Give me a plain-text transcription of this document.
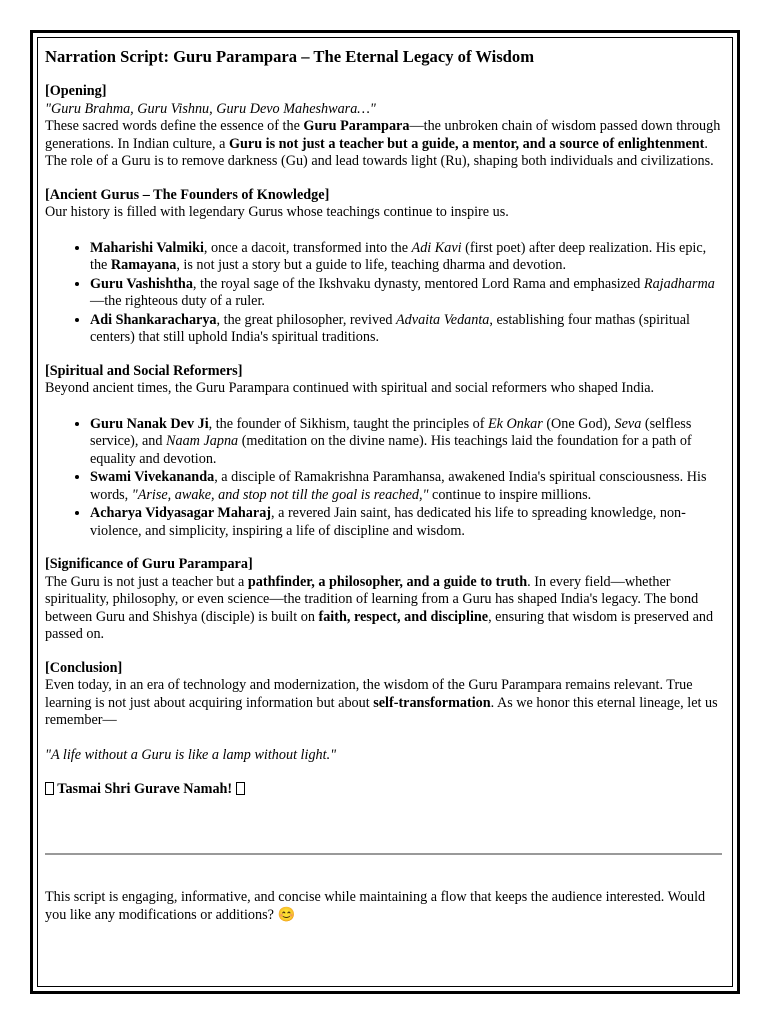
Narration Script: Guru Parampara – The Eternal Legacy of Wisdom
[Opening]

"Guru Brahma, Guru Vishnu, Guru Devo Maheshwara…"

These sacred words define the essence of the Guru Parampara—the unbroken chain of wisdom passed down through generations. In Indian culture, a Guru is not just a teacher but a guide, a mentor, and a source of enlightenment. The role of a Guru is to remove darkness (Gu) and lead towards light (Ru), shaping both individuals and civilizations.

[Ancient Gurus – The Founders of Knowledge]

Our history is filled with legendary Gurus whose teachings continue to inspire us.

• Maharishi Valmiki, once a dacoit, transformed into the Adi Kavi (first poet) after deep realization. His epic, the Ramayana, is not just a story but a guide to life, teaching dharma and devotion.
• Guru Vashishtha, the royal sage of the Ikshvaku dynasty, mentored Lord Rama and emphasized Rajadharma—the righteous duty of a ruler.
• Adi Shankaracharya, the great philosopher, revived Advaita Vedanta, establishing four mathas (spiritual centers) that still uphold India's spiritual traditions.
[Spiritual and Social Reformers]

Beyond ancient times, the Guru Parampara continued with spiritual and social reformers who shaped India.

• Guru Nanak Dev Ji, the founder of Sikhism, taught the principles of Ek Onkar (One God), Seva (selfless service), and Naam Japna (meditation on the divine name). His teachings laid the foundation for a path of equality and devotion.
• Swami Vivekananda, a disciple of Ramakrishna Paramhansa, awakened India's spiritual consciousness. His words, "Arise, awake, and stop not till the goal is reached," continue to inspire millions.
• Acharya Vidyasagar Maharaj, a revered Jain saint, has dedicated his life to spreading knowledge, non-violence, and simplicity, inspiring a life of discipline and wisdom.
[Significance of Guru Parampara]

The Guru is not just a teacher but a pathfinder, a philosopher, and a guide to truth. In every field—whether spirituality, philosophy, or even science—the tradition of learning from a Guru has shaped India's legacy. The bond between Guru and Shishya (disciple) is built on faith, respect, and discipline, ensuring that wisdom is preserved and passed on.

[Conclusion]

Even today, in an era of technology and modernization, the wisdom of the Guru Parampara remains relevant. True learning is not just about acquiring information but about self-transformation. As we honor this eternal lineage, let us remember—

"A life without a Guru is like a lamp without light."

Tasmai Shri Gurave Namah!

This script is engaging, informative, and concise while maintaining a flow that keeps the audience interested. Would you like any modifications or additions? 😊
